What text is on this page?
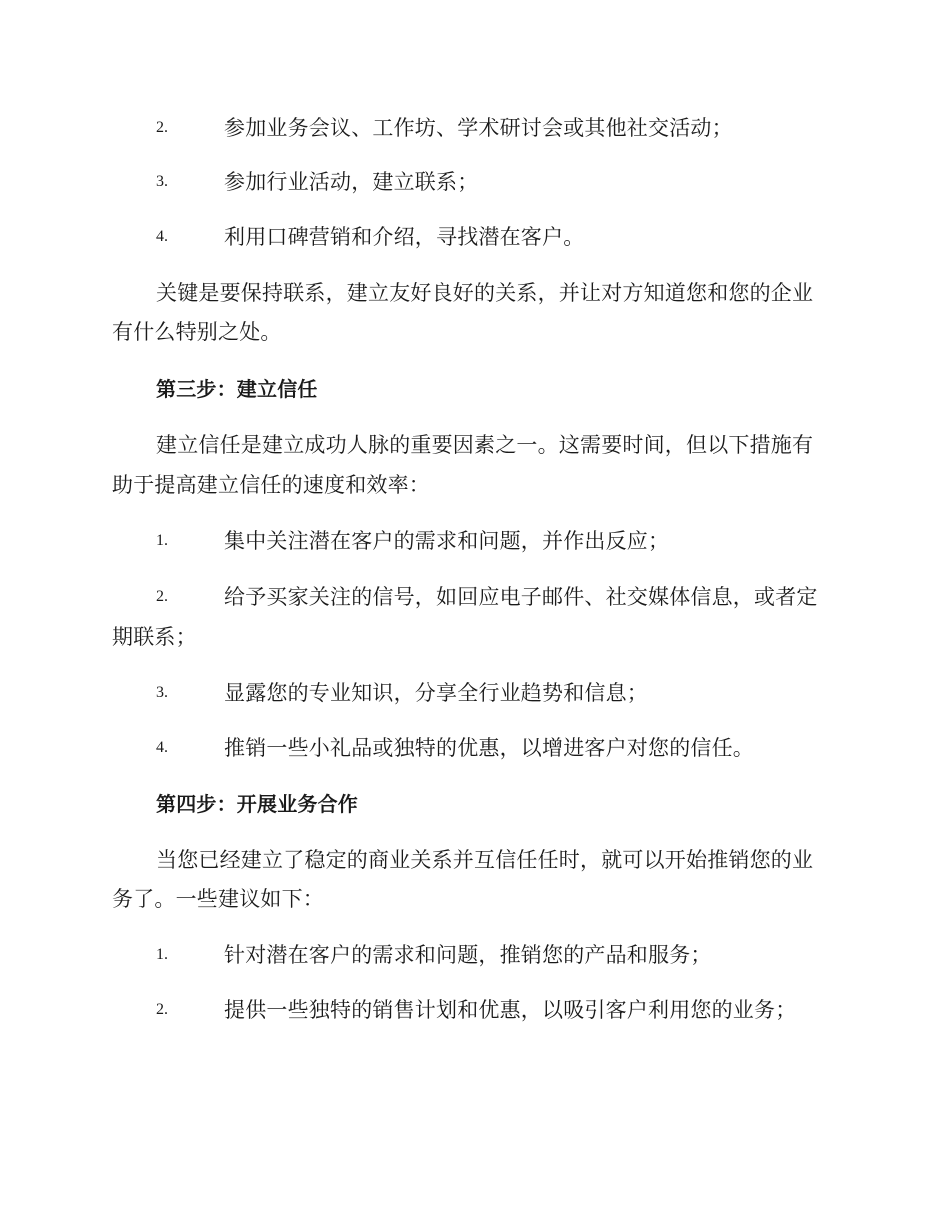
2.	参加业务会议、工作坊、学术研讨会或其他社交活动；
3.	参加行业活动，建立联系；
4.	利用口碑营销和介绍，寻找潜在客户。
关键是要保持联系，建立友好良好的关系，并让对方知道您和您的企业
有什么特别之处。
第三步：建立信任
建立信任是建立成功人脉的重要因素之一。这需要时间，但以下措施有
助于提高建立信任的速度和效率：
1.	集中关注潜在客户的需求和问题，并作出反应；
2.	给予买家关注的信号，如回应电子邮件、社交媒体信息，或者定
期联系；
3.	显露您的专业知识，分享全行业趋势和信息；
4.	推销一些小礼品或独特的优惠，以增进客户对您的信任。
第四步：开展业务合作
当您已经建立了稳定的商业关系并互信任任时，就可以开始推销您的业
务了。一些建议如下：
1.	针对潜在客户的需求和问题，推销您的产品和服务；
2.	提供一些独特的销售计划和优惠，以吸引客户利用您的业务；
